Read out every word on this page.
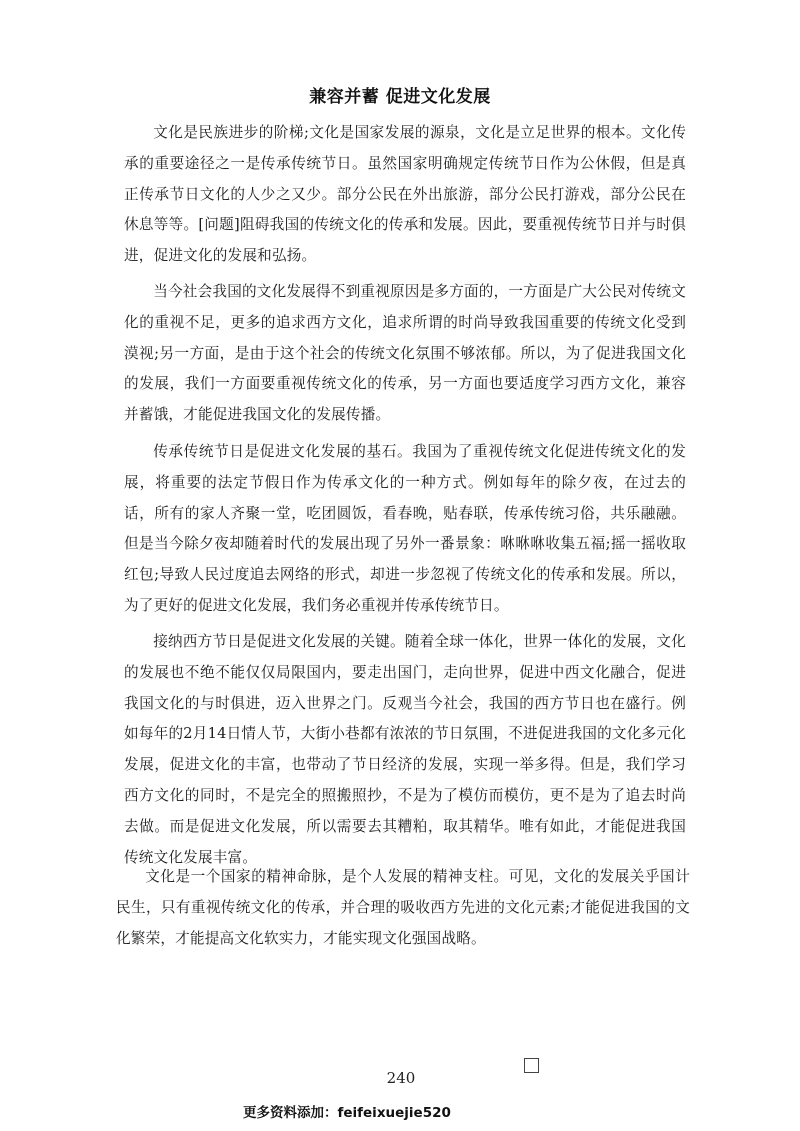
兼容并蓄 促进文化发展

文化是民族进步的阶梯;文化是国家发展的源泉，文化是立足世界的根本。文化传承的重要途径之一是传承传统节日。虽然国家明确规定传统节日作为公休假，但是真正传承节日文化的人少之又少。部分公民在外出旅游，部分公民打游戏，部分公民在休息等等。[问题]阻碍我国的传统文化的传承和发展。因此，要重视传统节日并与时俱进，促进文化的发展和弘扬。

当今社会我国的文化发展得不到重视原因是多方面的，一方面是广大公民对传统文化的重视不足，更多的追求西方文化，追求所谓的时尚导致我国重要的传统文化受到漠视;另一方面，是由于这个社会的传统文化氛围不够浓郁。所以，为了促进我国文化的发展，我们一方面要重视传统文化的传承，另一方面也要适度学习西方文化，兼容并蓄饿，才能促进我国文化的发展传播。

传承传统节日是促进文化发展的基石。我国为了重视传统文化促进传统文化的发展，将重要的法定节假日作为传承文化的一种方式。例如每年的除夕夜，在过去的话，所有的家人齐聚一堂，吃团圆饭，看春晚，贴春联，传承传统习俗，共乐融融。但是当今除夕夜却随着时代的发展出现了另外一番景象：咻咻咻收集五福;摇一摇收取红包;导致人民过度追去网络的形式，却进一步忽视了传统文化的传承和发展。所以，为了更好的促进文化发展，我们务必重视并传承传统节日。

接纳西方节日是促进文化发展的关键。随着全球一体化，世界一体化的发展，文化的发展也不绝不能仅仅局限国内，要走出国门，走向世界，促进中西文化融合，促进我国文化的与时俱进，迈入世界之门。反观当今社会，我国的西方节日也在盛行。例如每年的2月14日情人节，大街小巷都有浓浓的节日氛围，不进促进我国的文化多元化发展，促进文化的丰富，也带动了节日经济的发展，实现一举多得。但是，我们学习西方文化的同时，不是完全的照搬照抄，不是为了模仿而模仿，更不是为了追去时尚去做。而是促进文化发展，所以需要去其糟粕，取其精华。唯有如此，才能促进我国传统文化发展丰富。

文化是一个国家的精神命脉，是个人发展的精神支柱。可见，文化的发展关乎国计民生，只有重视传统文化的传承，并合理的吸收西方先进的文化元素;才能促进我国的文化繁荣，才能提高文化软实力，才能实现文化强国战略。

240
更多资料添加：feifeixuejie520
